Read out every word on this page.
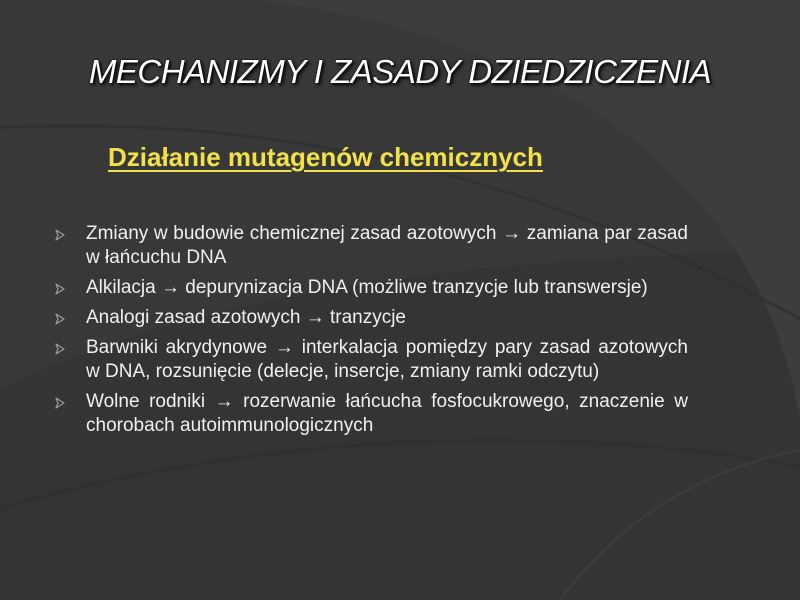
MECHANIZMY I ZASADY DZIEDZICZENIA
Działanie mutagenów chemicznych
Zmiany w budowie chemicznej zasad azotowych → zamiana par zasad w łańcuchu DNA
Alkilacja → depurynizacja DNA (możliwe tranzycje lub transwersje)
Analogi zasad azotowych → tranzycje
Barwniki akrydynowe → interkalacja pomiędzy pary zasad azotowych w DNA, rozsunięcie (delecje, insercje, zmiany ramki odczytu)
Wolne rodniki → rozerwanie łańcucha fosfocukrowego, znaczenie w chorobach autoimmunologicznych
